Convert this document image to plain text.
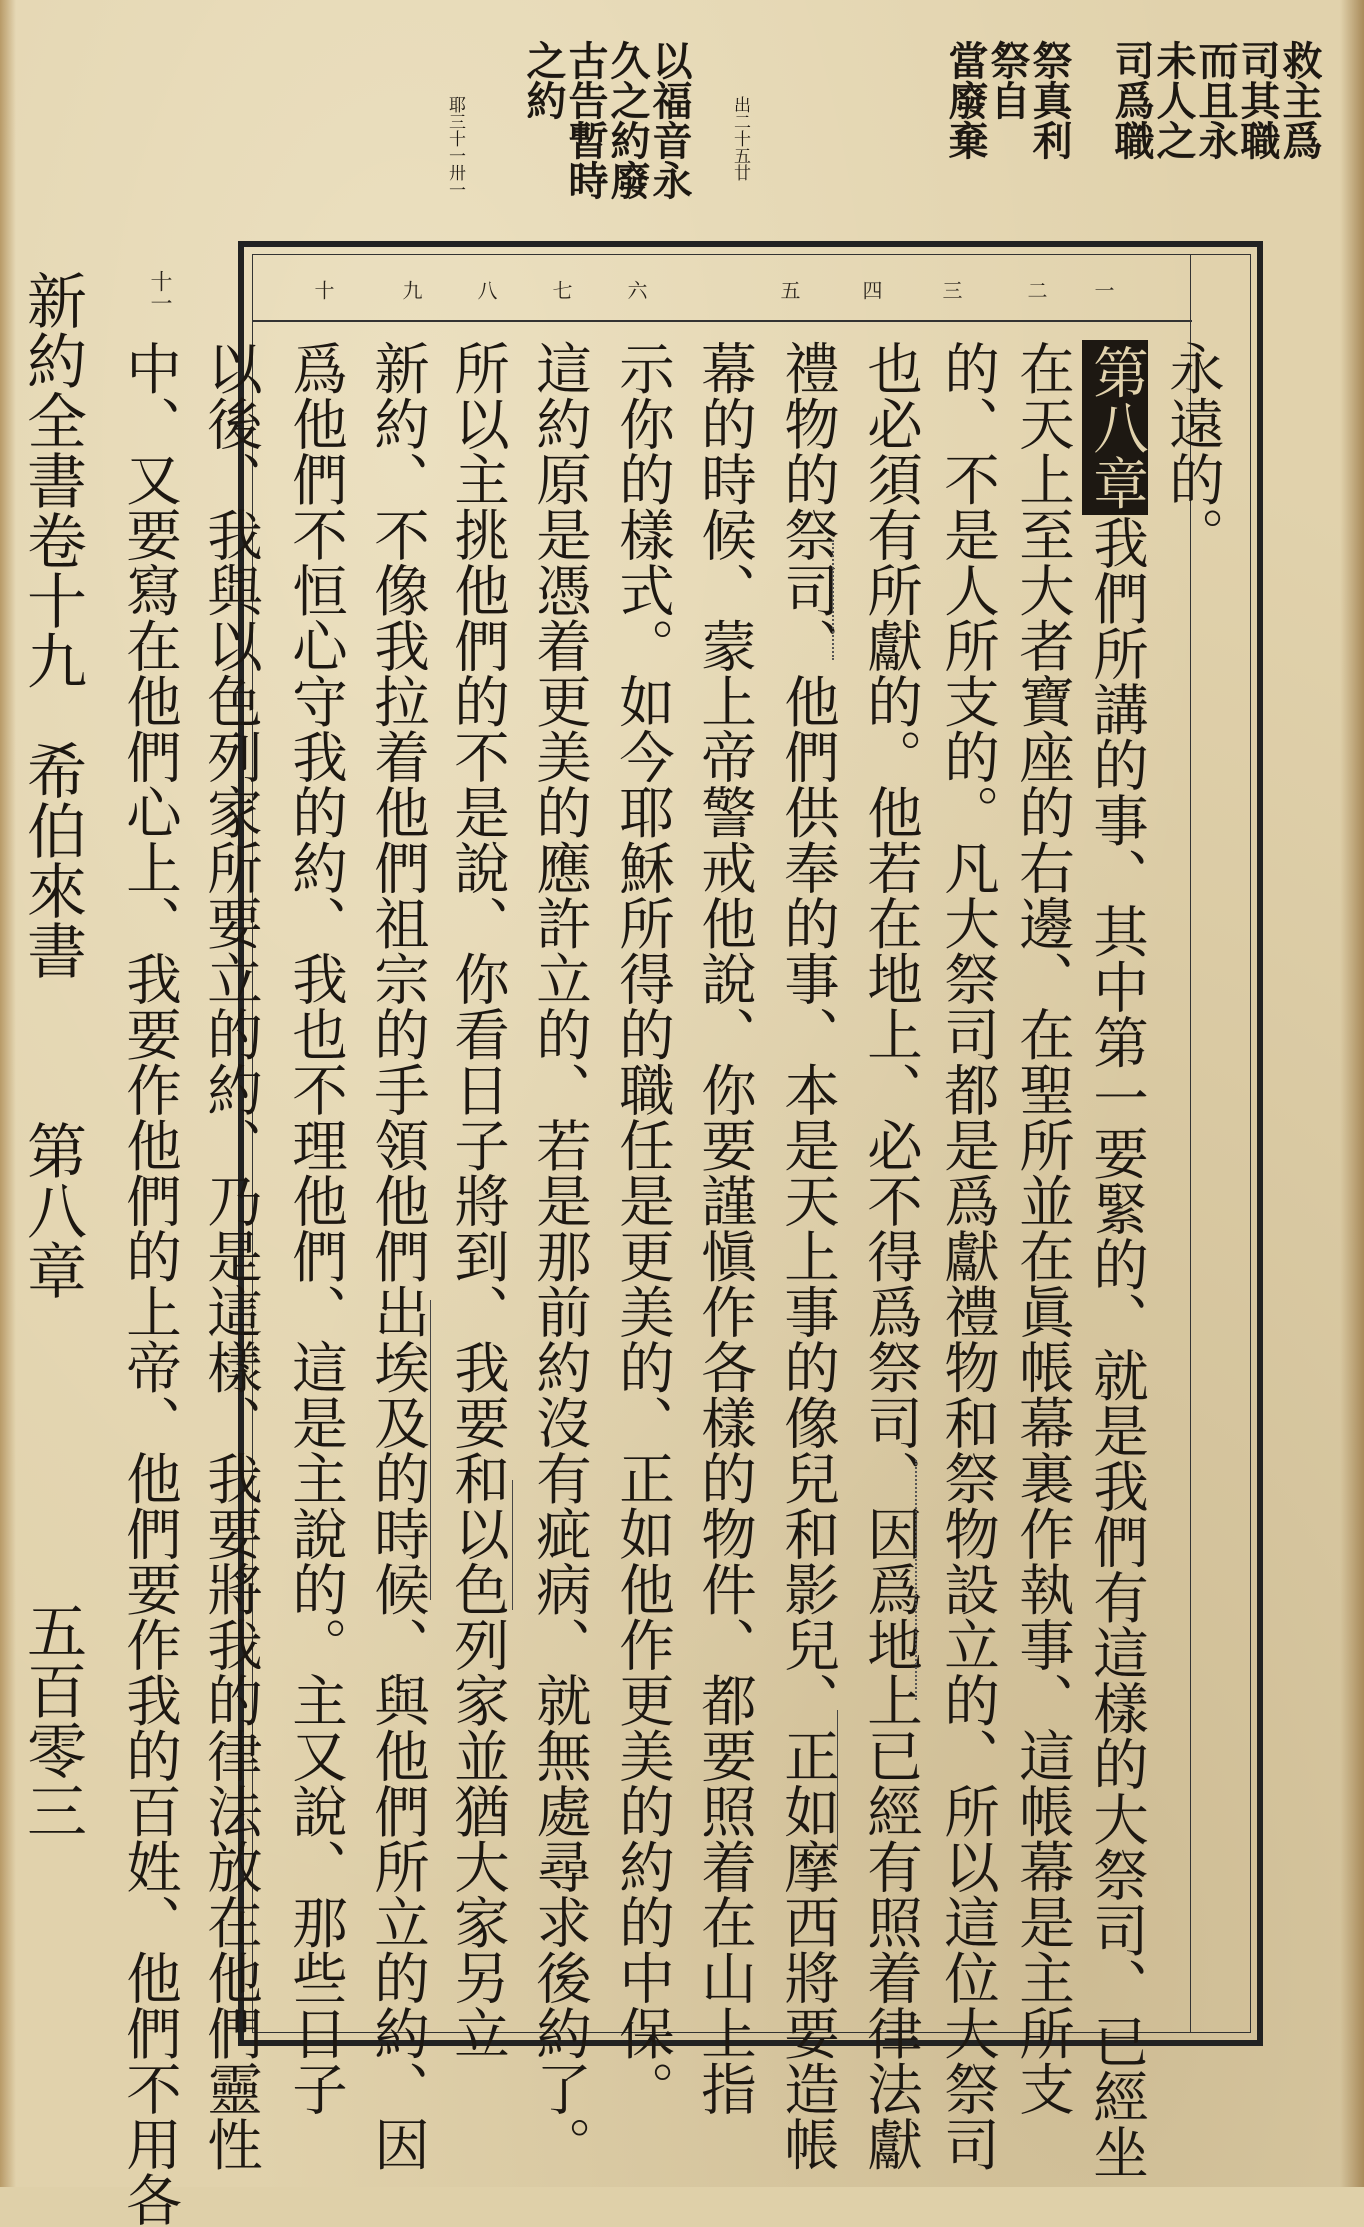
救主爲
司其職
而且永
未人之
司爲職
祭真利
祭自
當廢棄
出二十五廿
以福音永
久之約廢
古告暫時
之約
耶三十一卅一
一
二
三
四
五
六
七
八
九
十
十一
永遠的。
第八章我們所講的事、其中第一要緊的、就是我們有這樣的大祭司、已經坐
在天上至大者寶座的右邊、在聖所並在眞帳幕裏作執事、這帳幕是主所支
的、不是人所支的。凡大祭司都是爲獻禮物和祭物設立的、所以這位大祭司
也必須有所獻的。他若在地上、必不得爲祭司、因爲地上已經有照着律法獻
禮物的祭司、他們供奉的事、本是天上事的像兒和影兒、正如摩西將要造帳
幕的時候、蒙上帝警戒他說、你要謹愼作各樣的物件、都要照着在山上指
示你的樣式。如今耶穌所得的職任是更美的、正如他作更美的約的中保。
這約原是憑着更美的應許立的、若是那前約沒有疵病、就無處尋求後約了。
所以主挑他們的不是說、你看日子將到、我要和以色列家並猶大家另立
新約、不像我拉着他們祖宗的手領他們出埃及的時候、與他們所立的約、因
爲他們不恒心守我的約、我也不理他們、這是主說的。主又說、那些日子
以後、我與以色列家所要立的約、乃是這樣、我要將我的律法放在他們靈性
中、又要寫在他們心上、我要作他們的上帝、他們要作我的百姓、他們不用各
新約全書卷十九
希伯來書
第八章
五百零三
